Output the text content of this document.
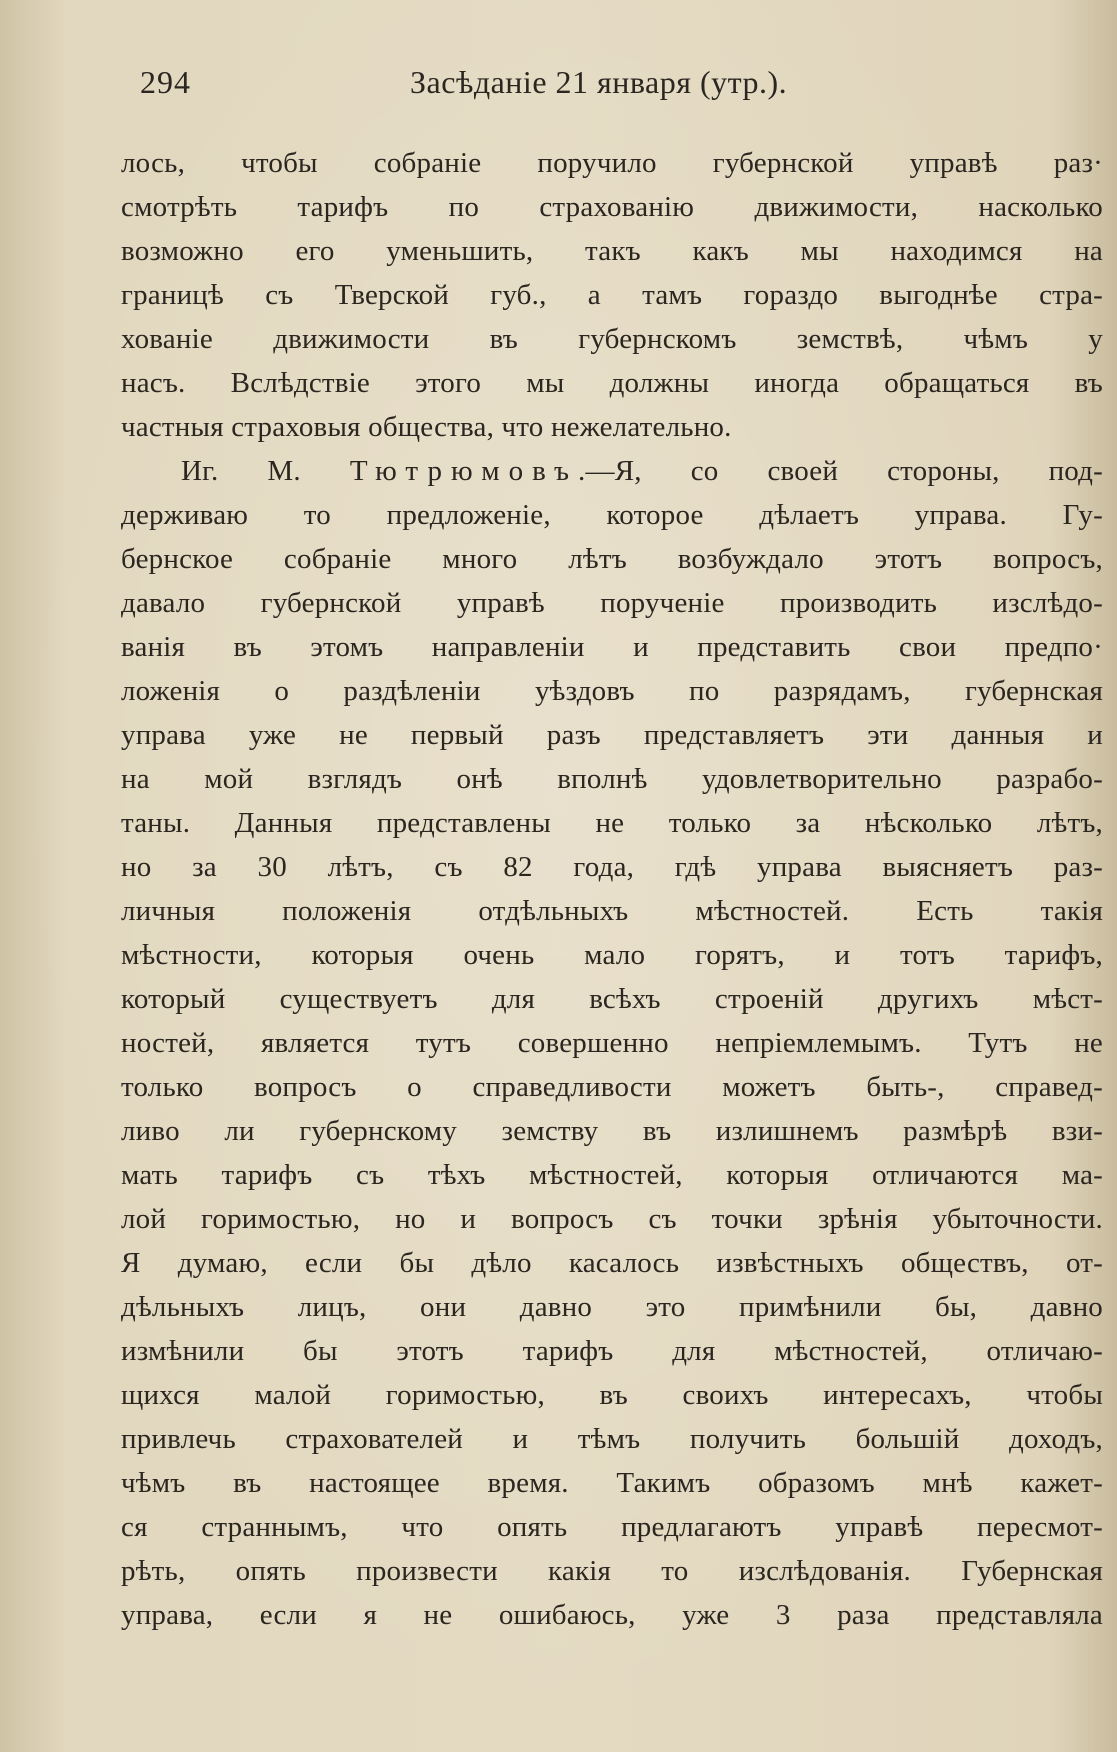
294	Засѣданіе 21 января (утр.).
лось, чтобы собраніе поручило губернской управѣ раз·
смотрѣть тарифъ по страхованію движимости, насколько
возможно его уменьшить, такъ какъ мы находимся на
границѣ съ Тверской губ., а тамъ гораздо выгоднѣе стра-
хованіе движимости въ губернскомъ земствѣ, чѣмъ у
насъ. Вслѣдствіе этого мы должны иногда обращаться въ
частныя страховыя общества, что нежелательно.
Иг. М. Тютрюмовъ.—Я, со своей стороны, под-
держиваю то предложеніе, которое дѣлаетъ управа. Гу-
бернское собраніе много лѣтъ возбуждало этотъ вопросъ,
давало губернской управѣ порученіе производить изслѣдо-
ванія въ этомъ направленіи и представить свои предпо·
ложенія о раздѣленіи уѣздовъ по разрядамъ, губернская
управа уже не первый разъ представляетъ эти данныя и
на мой взглядъ онѣ вполнѣ удовлетворительно разрабо-
таны. Данныя представлены не только за нѣсколько лѣтъ,
но за 30 лѣтъ, съ 82 года, гдѣ управа выясняетъ раз-
личныя положенія отдѣльныхъ мѣстностей. Есть такія
мѣстности, которыя очень мало горятъ, и тотъ тарифъ,
который существуетъ для всѣхъ строеній другихъ мѣст-
ностей, является тутъ совершенно непріемлемымъ. Тутъ не
только вопросъ о справедливости можетъ быть-, справед-
ливо ли губернскому земству въ излишнемъ размѣрѣ взи-
мать тарифъ съ тѣхъ мѣстностей, которыя отличаются ма-
лой горимостью, но и вопросъ съ точки зрѣнія убыточности.
Я думаю, если бы дѣло касалось извѣстныхъ обществъ, от-
дѣльныхъ лицъ, они давно это примѣнили бы, давно
измѣнили бы этотъ тарифъ для мѣстностей, отличаю-
щихся малой горимостью, въ своихъ интересахъ, чтобы
привлечь страхователей и тѣмъ получить большій доходъ,
чѣмъ въ настоящее время. Такимъ образомъ мнѣ кажет-
ся страннымъ, что опять предлагаютъ управѣ пересмот-
рѣть, опять произвести какія то изслѣдованія. Губернская
управа, если я не ошибаюсь, уже 3 раза представляла
